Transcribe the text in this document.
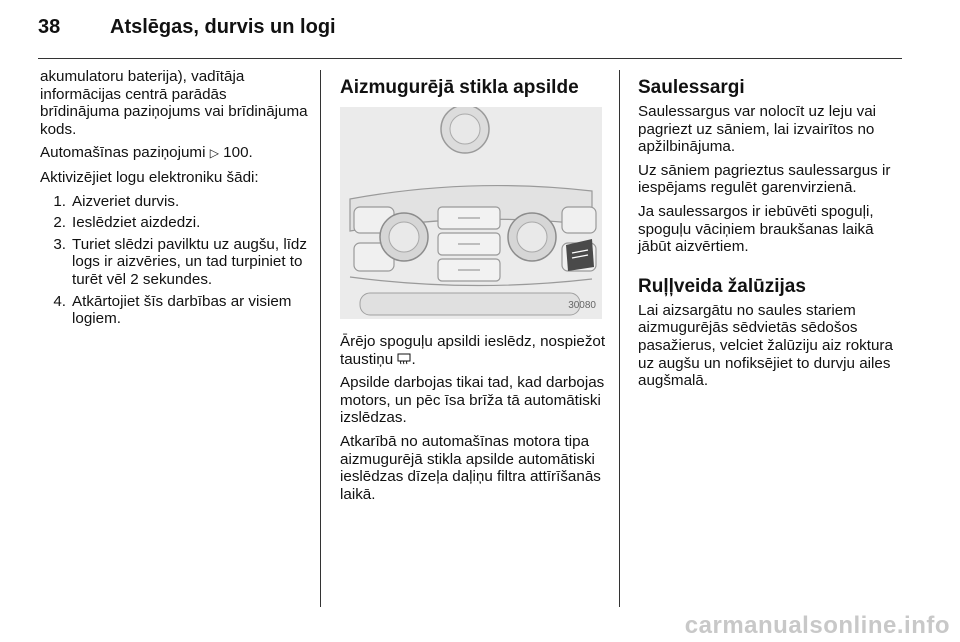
38	Atslēgas, durvis un logi

akumulatoru baterija), vadītāja informācijas centrā parādās brīdinājuma paziņojums vai brīdinājuma kods.

Automašīnas paziņojumi ▷ 100.

Aktivizējiet logu elektroniku šādi:

1. Aizveriet durvis.
2. Ieslēdziet aizdedzi.
3. Turiet slēdzi pavilktu uz augšu, līdz logs ir aizvēries, un tad turpiniet to turēt vēl 2 sekundes.
4. Atkārtojiet šīs darbības ar visiem logiem.
Aizmugurējā stikla apsilde
30080

Ārējo spoguļu apsildi ieslēdz, nospiežot taustiņu .

Apsilde darbojas tikai tad, kad darbojas motors, un pēc īsa brīža tā automātiski izslēdzas.

Atkarībā no automašīnas motora tipa aizmugurējā stikla apsilde automātiski ieslēdzas dīzeļa daļiņu filtra attīrīšanās laikā.

Saulessargi

Saulessargus var nolocīt uz leju vai pagriezt uz sāniem, lai izvairītos no apžilbinājuma.

Uz sāniem pagrieztus saulessargus ir iespējams regulēt garenvirzienā.

Ja saulessargos ir iebūvēti spoguļi, spoguļu vāciņiem braukšanas laikā jābūt aizvērtiem.

Ruļļveida žalūzijas

Lai aizsargātu no saules stariem aizmugurējās sēdvietās sēdošos pasažierus, velciet žalūziju aiz roktura uz augšu un nofiksējiet to durvju ailes augšmalā.

carmanualsonline.info
